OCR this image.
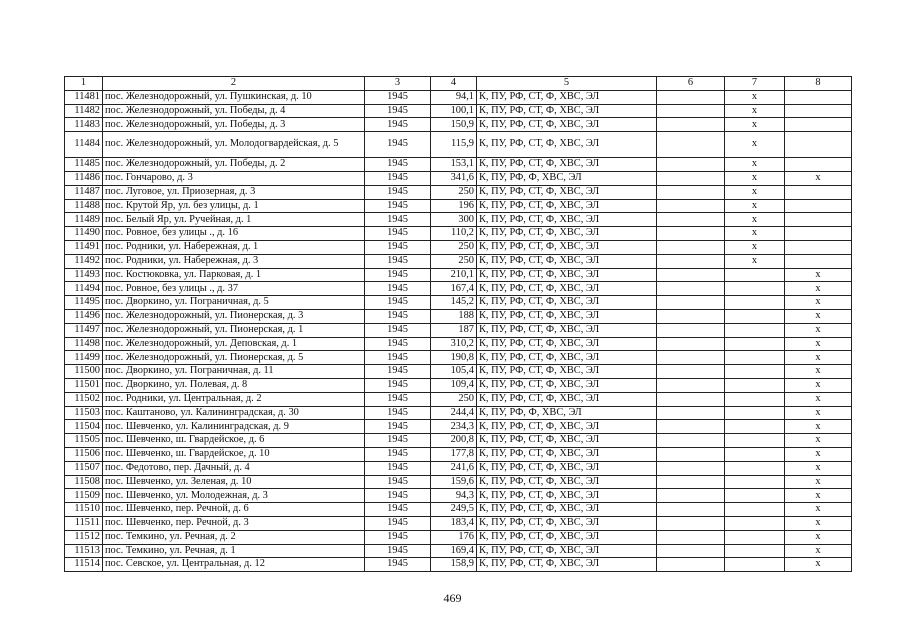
1	2	3	4	5	6	7	8
11481	пос. Железнодорожный, ул. Пушкинская, д. 10	1945	94,1	К, ПУ, РФ, СТ, Ф, ХВС, ЭЛ		х	
11482	пос. Железнодорожный, ул. Победы, д. 4	1945	100,1	К, ПУ, РФ, СТ, Ф, ХВС, ЭЛ		х	
11483	пос. Железнодорожный, ул. Победы, д. 3	1945	150,9	К, ПУ, РФ, СТ, Ф, ХВС, ЭЛ		х	
11484	пос. Железнодорожный, ул. Молодогвардейская, д. 5	1945	115,9	К, ПУ, РФ, СТ, Ф, ХВС, ЭЛ		х	
11485	пос. Железнодорожный, ул. Победы, д. 2	1945	153,1	К, ПУ, РФ, СТ, Ф, ХВС, ЭЛ		х	
11486	пос. Гончарово, д. 3	1945	341,6	К, ПУ, РФ, Ф, ХВС, ЭЛ		х	х
11487	пос. Луговое, ул. Приозерная, д. 3	1945	250	К, ПУ, РФ, СТ, Ф, ХВС, ЭЛ		х	
11488	пос. Крутой Яр, ул. без улицы, д. 1	1945	196	К, ПУ, РФ, СТ, Ф, ХВС, ЭЛ		х	
11489	пос. Белый Яр, ул. Ручейная, д. 1	1945	300	К, ПУ, РФ, СТ, Ф, ХВС, ЭЛ		х	
11490	пос. Ровное, без улицы ., д. 16	1945	110,2	К, ПУ, РФ, СТ, Ф, ХВС, ЭЛ		х	
11491	пос. Родники, ул. Набережная, д. 1	1945	250	К, ПУ, РФ, СТ, Ф, ХВС, ЭЛ		х	
11492	пос. Родники, ул. Набережная, д. 3	1945	250	К, ПУ, РФ, СТ, Ф, ХВС, ЭЛ		х	
11493	пос. Костюковка, ул. Парковая, д. 1	1945	210,1	К, ПУ, РФ, СТ, Ф, ХВС, ЭЛ			х
11494	пос. Ровное, без улицы ., д. 37	1945	167,4	К, ПУ, РФ, СТ, Ф, ХВС, ЭЛ			х
11495	пос. Дворкино, ул. Пограничная, д. 5	1945	145,2	К, ПУ, РФ, СТ, Ф, ХВС, ЭЛ			х
11496	пос. Железнодорожный, ул. Пионерская, д. 3	1945	188	К, ПУ, РФ, СТ, Ф, ХВС, ЭЛ			х
11497	пос. Железнодорожный, ул. Пионерская, д. 1	1945	187	К, ПУ, РФ, СТ, Ф, ХВС, ЭЛ			х
11498	пос. Железнодорожный, ул. Деповская, д. 1	1945	310,2	К, ПУ, РФ, СТ, Ф, ХВС, ЭЛ			х
11499	пос. Железнодорожный, ул. Пионерская, д. 5	1945	190,8	К, ПУ, РФ, СТ, Ф, ХВС, ЭЛ			х
11500	пос. Дворкино, ул. Пограничная, д. 11	1945	105,4	К, ПУ, РФ, СТ, Ф, ХВС, ЭЛ			х
11501	пос. Дворкино, ул. Полевая, д. 8	1945	109,4	К, ПУ, РФ, СТ, Ф, ХВС, ЭЛ			х
11502	пос. Родники, ул. Центральная, д. 2	1945	250	К, ПУ, РФ, СТ, Ф, ХВС, ЭЛ			х
11503	пос. Каштаново, ул. Калининградская, д. 30	1945	244,4	К, ПУ, РФ, Ф, ХВС, ЭЛ			х
11504	пос. Шевченко, ул. Калининградская, д. 9	1945	234,3	К, ПУ, РФ, СТ, Ф, ХВС, ЭЛ			х
11505	пос. Шевченко, ш. Гвардейское, д. 6	1945	200,8	К, ПУ, РФ, СТ, Ф, ХВС, ЭЛ			х
11506	пос. Шевченко, ш. Гвардейское, д. 10	1945	177,8	К, ПУ, РФ, СТ, Ф, ХВС, ЭЛ			х
11507	пос. Федотово, пер. Дачный, д. 4	1945	241,6	К, ПУ, РФ, СТ, Ф, ХВС, ЭЛ			х
11508	пос. Шевченко, ул. Зеленая, д. 10	1945	159,6	К, ПУ, РФ, СТ, Ф, ХВС, ЭЛ			х
11509	пос. Шевченко, ул. Молодежная, д. 3	1945	94,3	К, ПУ, РФ, СТ, Ф, ХВС, ЭЛ			х
11510	пос. Шевченко, пер. Речной, д. 6	1945	249,5	К, ПУ, РФ, СТ, Ф, ХВС, ЭЛ			х
11511	пос. Шевченко, пер. Речной, д. 3	1945	183,4	К, ПУ, РФ, СТ, Ф, ХВС, ЭЛ			х
11512	пос. Темкино, ул. Речная, д. 2	1945	176	К, ПУ, РФ, СТ, Ф, ХВС, ЭЛ			х
11513	пос. Темкино, ул. Речная, д. 1	1945	169,4	К, ПУ, РФ, СТ, Ф, ХВС, ЭЛ			х
11514	пос. Севское, ул. Центральная, д. 12	1945	158,9	К, ПУ, РФ, СТ, Ф, ХВС, ЭЛ			х
469
